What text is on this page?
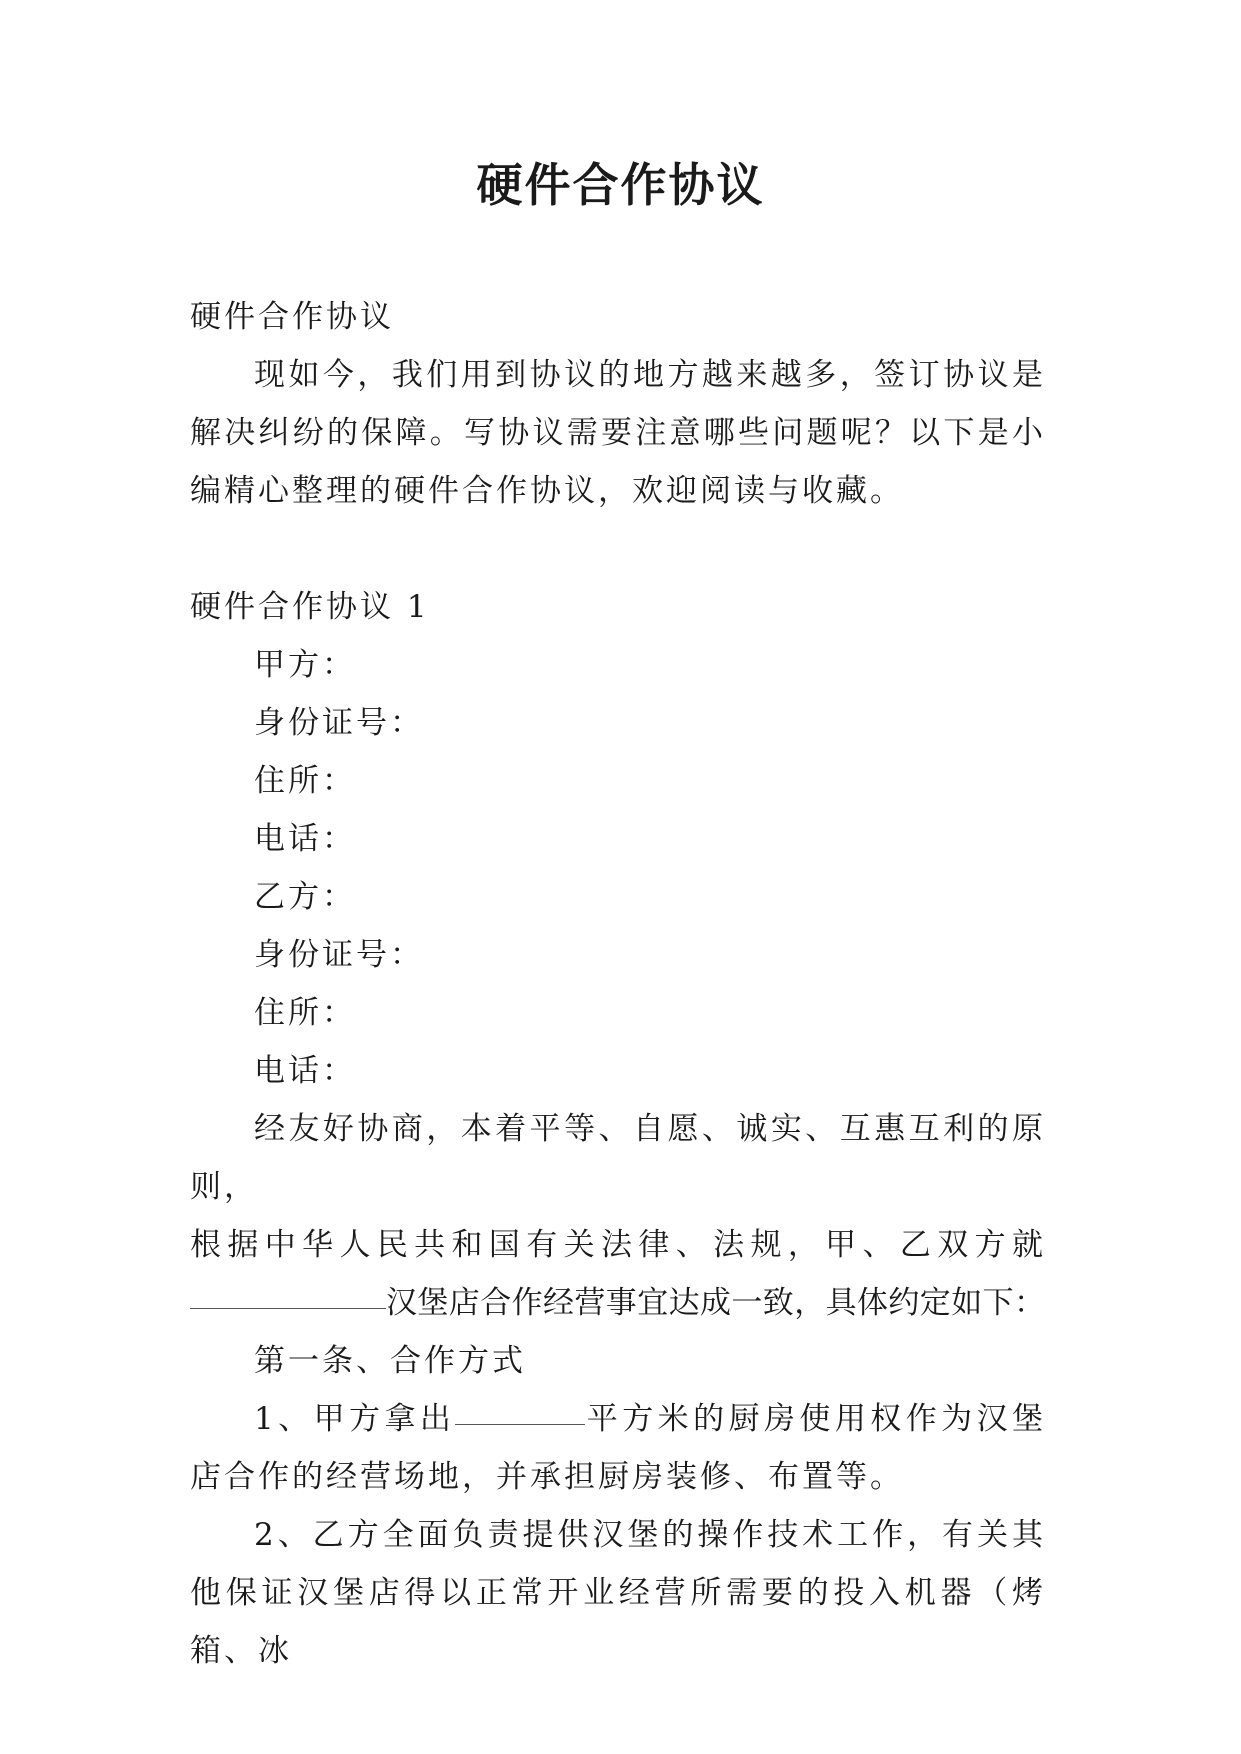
硬件合作协议

硬件合作协议

现如今，我们用到协议的地方越来越多，签订协议是解决纠纷的保障。写协议需要注意哪些问题呢？以下是小编精心整理的硬件合作协议，欢迎阅读与收藏。

硬件合作协议 1

甲方：

身份证号：

住所：

电话：

乙方：

身份证号：

住所：

电话：

经友好协商，本着平等、自愿、诚实、互惠互利的原则，

根据中华人民共和国有关法律、法规，甲、乙双方就

汉堡店合作经营事宜达成一致，具体约定如下：

第一条、合作方式

1、甲方拿出	平方米的厨房使用权作为汉堡店合作的经营场地，并承担厨房装修、布置等。

2、乙方全面负责提供汉堡的操作技术工作，有关其他保证汉堡店得以正常开业经营所需要的投入机器（烤箱、冰
